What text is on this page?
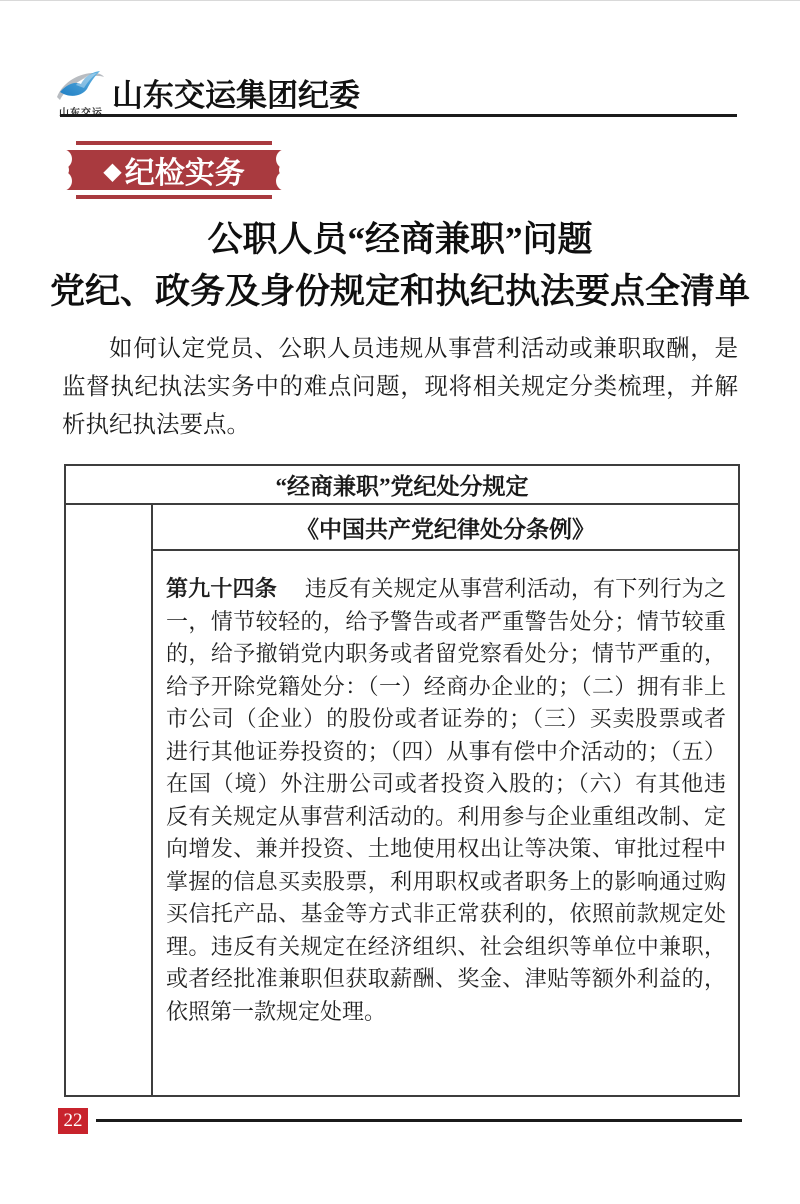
山东交运集团纪委
◆ 纪检实务
公职人员“经商兼职”问题
党纪、政务及身份规定和执纪执法要点全清单

如何认定党员、公职人员违规从事营利活动或兼职取酬，是监督执纪执法实务中的难点问题，现将相关规定分类梳理，并解析执纪执法要点。

“经商兼职”党纪处分规定
《中国共产党纪律处分条例》
第九十四条 违反有关规定从事营利活动，有下列行为之一，情节较轻的，给予警告或者严重警告处分；情节较重的，给予撤销党内职务或者留党察看处分；情节严重的，给予开除党籍处分：（一）经商办企业的；（二）拥有非上市公司（企业）的股份或者证券的；（三）买卖股票或者进行其他证券投资的；（四）从事有偿中介活动的；（五）在国（境）外注册公司或者投资入股的；（六）有其他违反有关规定从事营利活动的。利用参与企业重组改制、定向增发、兼并投资、土地使用权出让等决策、审批过程中掌握的信息买卖股票，利用职权或者职务上的影响通过购买信托产品、基金等方式非正常获利的，依照前款规定处理。违反有关规定在经济组织、社会组织等单位中兼职，或者经批准兼职但获取薪酬、奖金、津贴等额外利益的，依照第一款规定处理。
22
